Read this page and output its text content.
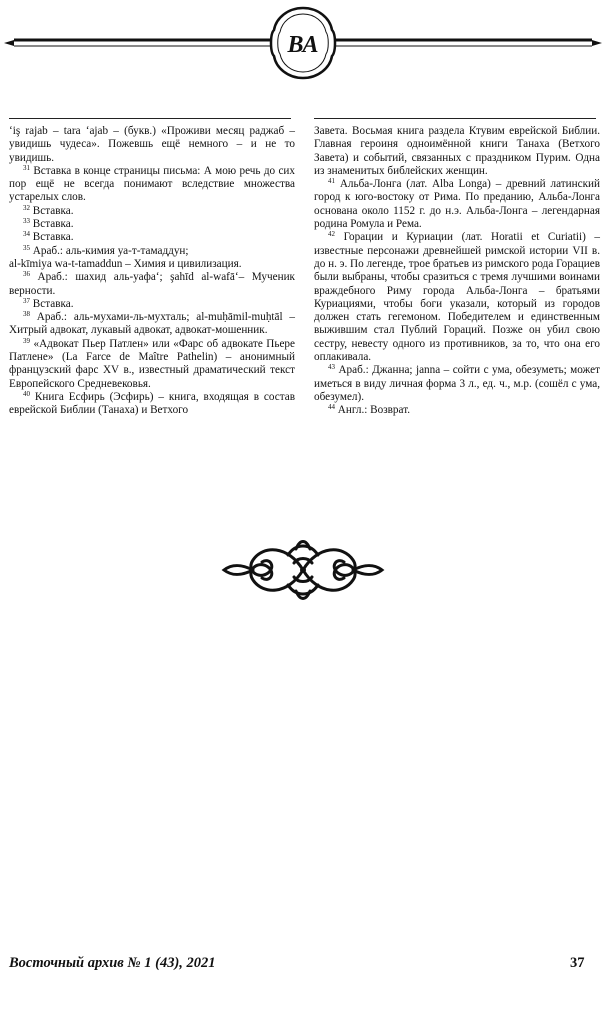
ВА

‘iş rajab – tara ‘ajab – (букв.) «Проживи месяц раджаб – увидишь чудеса». Пожевшь ещё немного – и не то увидишь.

$^{31}$ Вставка в конце страницы письма: А мою речь до сих пор ещё не всегда понимают вследствие множества устарелых слов.

$^{32}$ Вставка.

$^{33}$ Вставка.

$^{34}$ Вставка.

$^{35}$ Араб.: аль-кимия уа-т-тамаддун;

al-kīmiya wa-t-tamaddun – Химия и цивилизация.

$^{36}$ Араб.: шахид аль-уафа‘; şahīd al-wafā‘– Мученик верности.

$^{37}$ Вставка.

$^{38}$ Араб.: аль-мухами-ль-мухталь; al-muḥāmil-muḥtāl – Хитрый адвокат, лукавый адвокат, адвокат-мошенник.

$^{39}$ «Адвокат Пьер Патлен» или «Фарс об адвокате Пьере Патлене» (La Farce de Maître Pathelin) – анонимный французский фарс XV в., известный драматический текст Европейского Средневековья.

$^{40}$ Книга Есфирь (Эсфирь) – книга, входящая в состав еврейской Библии (Танаха) и Ветхого

Завета. Восьмая книга раздела Ктувим еврейской Библии. Главная героиня одноимённой книги Танаха (Ветхого Завета) и событий, связанных с праздником Пурим. Одна из знаменитых библейских женщин.

$^{41}$ Альба-Лонга (лат. Alba Longa) – древний латинский город к юго-востоку от Рима. По преданию, Альба-Лонга основана около 1152 г. до н.э. Альба-Лонга – легендарная родина Ромула и Рема.

$^{42}$ Горации и Куриации (лат. Horatii et Curiatii) – известные персонажи древнейшей римской истории VII в. до н. э. По легенде, трое братьев из римского рода Горациев были выбраны, чтобы сразиться с тремя лучшими воинами враждебного Риму города Альба-Лонга – братьями Куриациями, чтобы боги указали, который из городов должен стать гегемоном. Победителем и единственным выжившим стал Публий Гораций. Позже он убил свою сестру, невесту одного из противников, за то, что она его оплакивала.

$^{43}$ Араб.: Джанна; janna – сойти с ума, обезуметь; может иметься в виду личная форма 3 л., ед. ч., м.р. (сошёл с ума, обезумел).

$^{44}$ Англ.: Возврат.

Восточный архив № 1 (43), 2021	37
